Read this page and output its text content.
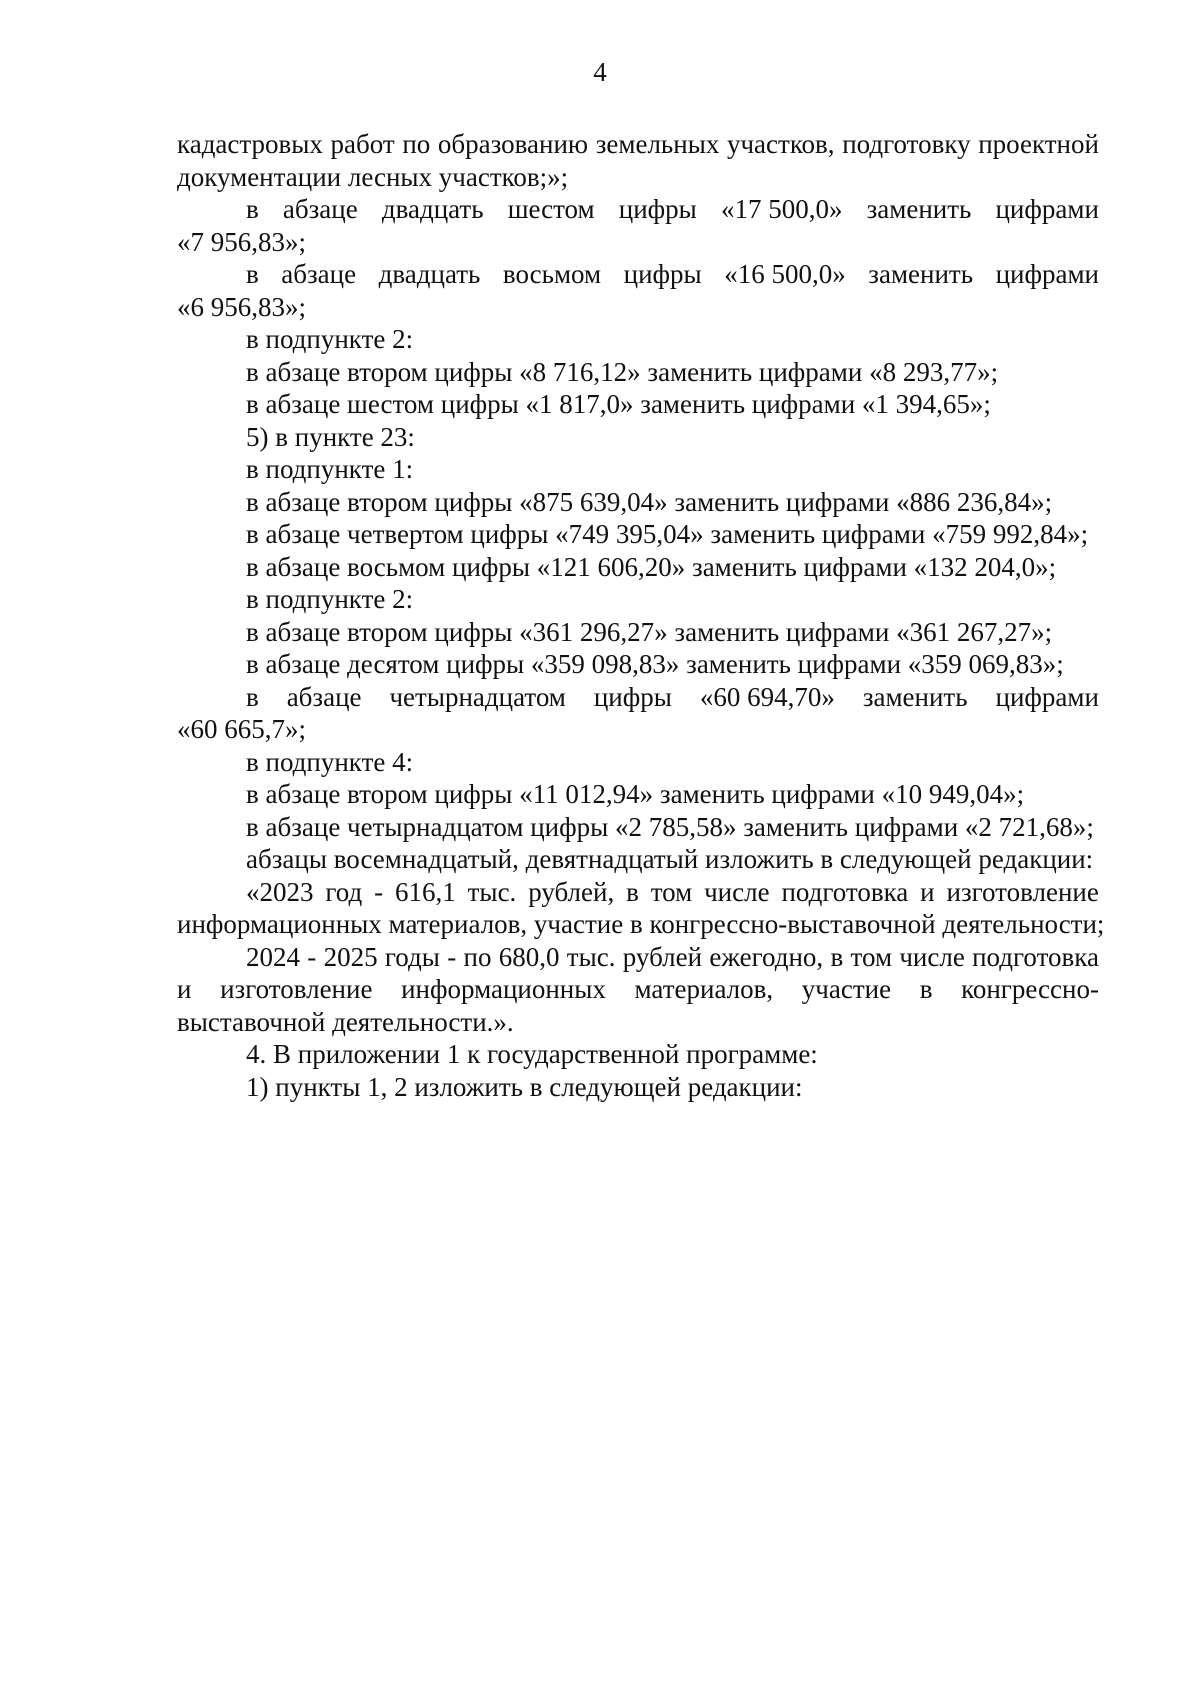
4
кадастровых работ по образованию земельных участков, подготовку проектной
документации лесных участков;»;
в абзаце двадцать шестом цифры «17 500,0» заменить цифрами
«7 956,83»;
в абзаце двадцать восьмом цифры «16 500,0» заменить цифрами
«6 956,83»;
в подпункте 2:
в абзаце втором цифры «8 716,12» заменить цифрами «8 293,77»;
в абзаце шестом цифры «1 817,0» заменить цифрами «1 394,65»;
5) в пункте 23:
в подпункте 1:
в абзаце втором цифры «875 639,04» заменить цифрами «886 236,84»;
в абзаце четвертом цифры «749 395,04» заменить цифрами «759 992,84»;
в абзаце восьмом цифры «121 606,20» заменить цифрами «132 204,0»;
в подпункте 2:
в абзаце втором цифры «361 296,27» заменить цифрами «361 267,27»;
в абзаце десятом цифры «359 098,83» заменить цифрами «359 069,83»;
в абзаце четырнадцатом цифры «60 694,70» заменить цифрами
«60 665,7»;
в подпункте 4:
в абзаце втором цифры «11 012,94» заменить цифрами «10 949,04»;
в абзаце четырнадцатом цифры «2 785,58» заменить цифрами «2 721,68»;
абзацы восемнадцатый, девятнадцатый изложить в следующей редакции:
«2023 год - 616,1 тыс. рублей, в том числе подготовка и изготовление
информационных материалов, участие в конгрессно-выставочной деятельности;
2024 - 2025 годы - по 680,0 тыс. рублей ежегодно, в том числе подготовка
и изготовление информационных материалов, участие в конгрессно-
выставочной деятельности.».
4. В приложении 1 к государственной программе:
1) пункты 1, 2 изложить в следующей редакции:
